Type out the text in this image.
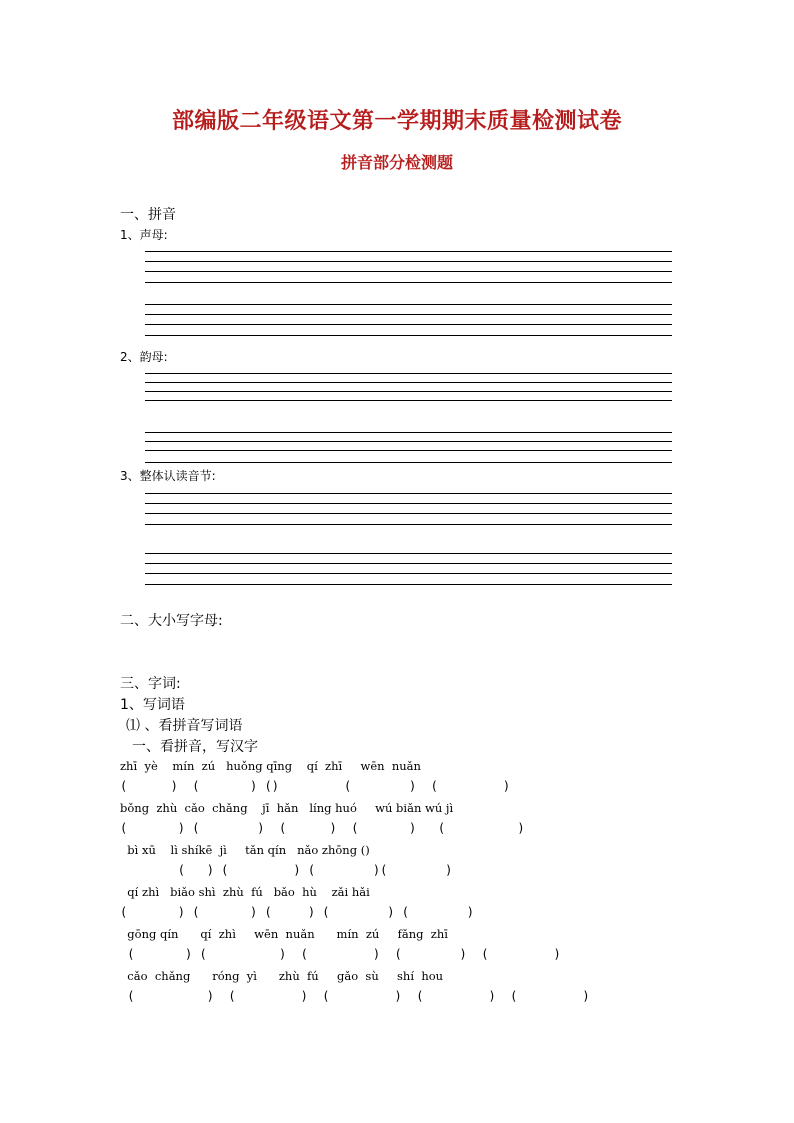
部编版二年级语文第一学期期末质量检测试卷
拼音部分检测题
一、拼音
1、声母:
2、韵母:
3、整体认读音节:
二、大小写字母:
三、字词:
1、写词语
⑴ 、看拼音写词语
一、看拼音，写汉字
zhī  yè    mín  zú   huǒng qīng    qí  zhī     wēn  nuǎn
(      )  (       ) ()         (        )  (         )
bǒng  zhù  cǎo  chǎng    jī  hǎn   líng huó     wú biǎn wú jì
(       ) (        )  (      )  (       )   (          )
bì xū    lì shíkē  jì     tǎn qín   nǎo zhōng ()
(   ) (         ) (        )(        )
qí zhì   biǎo shì  zhù  fú   bǎo  hù    zǎi hǎi
(       ) (       ) (     ) (        ) (        )
gōng qín      qí  zhì     wēn  nuǎn      mín  zú     fǎng  zhī
(       ) (          )  (         )  (        )  (         )
cǎo  chǎng      róng  yì      zhù  fú     gǎo  sù     shí  hou
(          )  (         )  (         )  (         )  (         )
